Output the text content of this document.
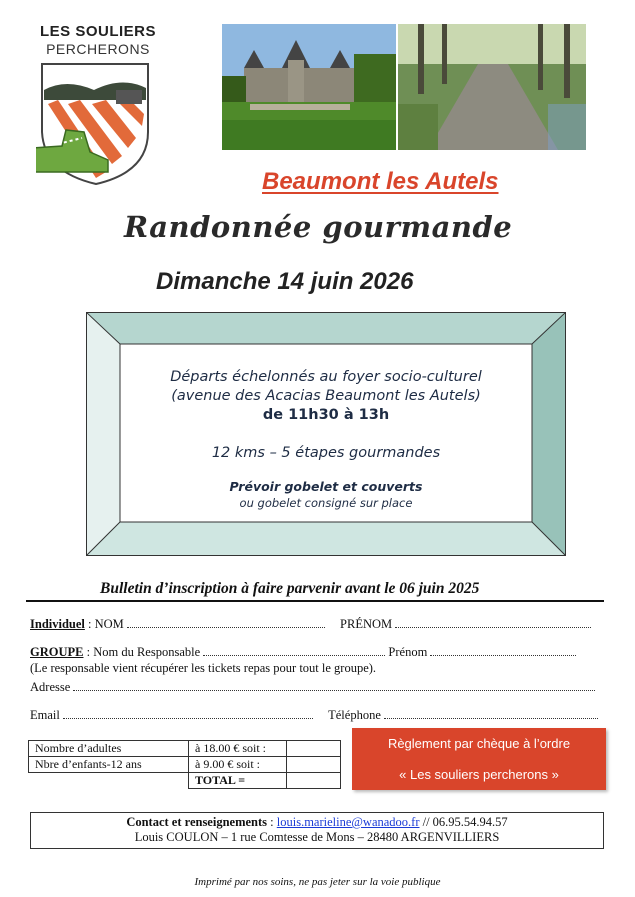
LES SOULIERS
PERCHERONS
Beaumont les Autels
Randonnée gourmande
Dimanche 14 juin 2026
Départs échelonnés au foyer socio-culturel
(avenue des Acacias Beaumont les Autels)
de 11h30 à 13h
12 kms – 5 étapes gourmandes
Prévoir gobelet et couverts
ou gobelet consigné sur place
Bulletin d’inscription à faire parvenir avant le 06 juin 2025
Individuel : NOM	PRÉNOM
GROUPE : Nom du Responsable	Prénom
(Le responsable vient récupérer les tickets repas pour tout le groupe).
Adresse
Email	Téléphone
Nombre d’adultes	à 18.00 € soit :	
Nbre d’enfants-12 ans	à 9.00 € soit :	
	TOTAL =	
Règlement par chèque à l’ordre
« Les souliers percherons »
Contact et renseignements : louis.marieline@wanadoo.fr // 06.95.54.94.57
Louis COULON – 1 rue Comtesse de Mons – 28480 ARGENVILLIERS
Imprimé par nos soins, ne pas jeter sur la voie publique
